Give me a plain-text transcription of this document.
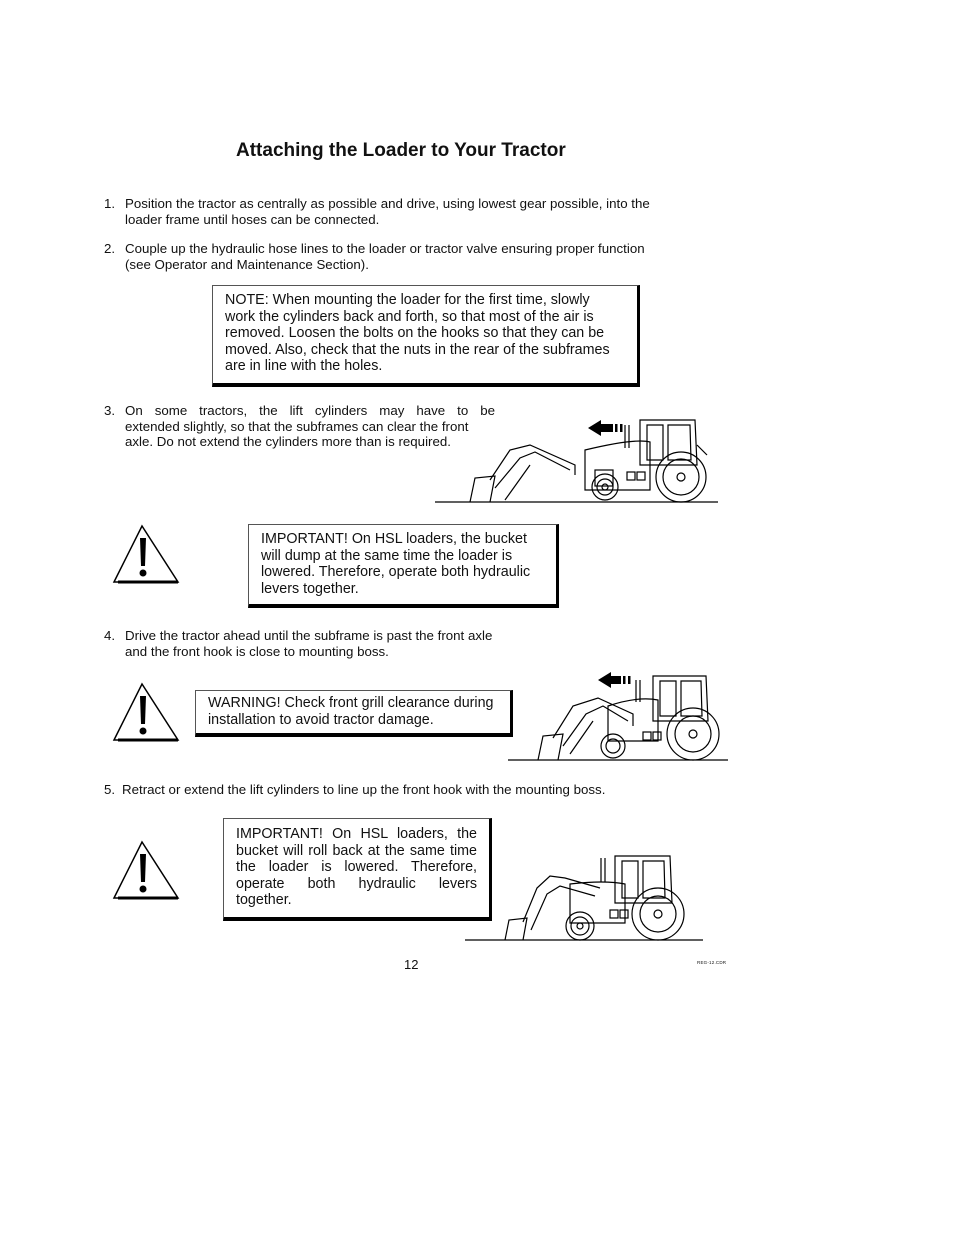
Attaching the Loader to Your Tractor
1. Position the tractor as centrally as possible and drive, using lowest gear possible, into the
loader frame until hoses can be connected.
2. Couple up the hydraulic hose lines to the loader or tractor valve ensuring proper function
(see Operator and Maintenance Section).
NOTE: When mounting the loader for the first time, slowly
work the cylinders back and forth, so that most of the air is
removed. Loosen the bolts on the hooks so that they can be
moved. Also, check that the nuts in the rear of the subframes
are in line with the holes.
3. On some tractors, the lift cylinders may have to be
extended slightly, so that the subframes can clear the front
axle. Do not extend the cylinders more than is required.
IMPORTANT! On HSL loaders, the bucket
will dump at the same time the loader is
lowered. Therefore, operate both hydraulic
levers together.
4. Drive the tractor ahead until the subframe is past the front axle
and the front hook is close to mounting boss.
WARNING! Check front grill clearance during
installation to avoid tractor damage.
5. Retract or extend the lift cylinders to line up the front hook with the mounting boss.
IMPORTANT! On HSL loaders, the
bucket will roll back at the same time
the loader is lowered. Therefore,
operate both hydraulic levers
together.
12	REG-12.CDR
